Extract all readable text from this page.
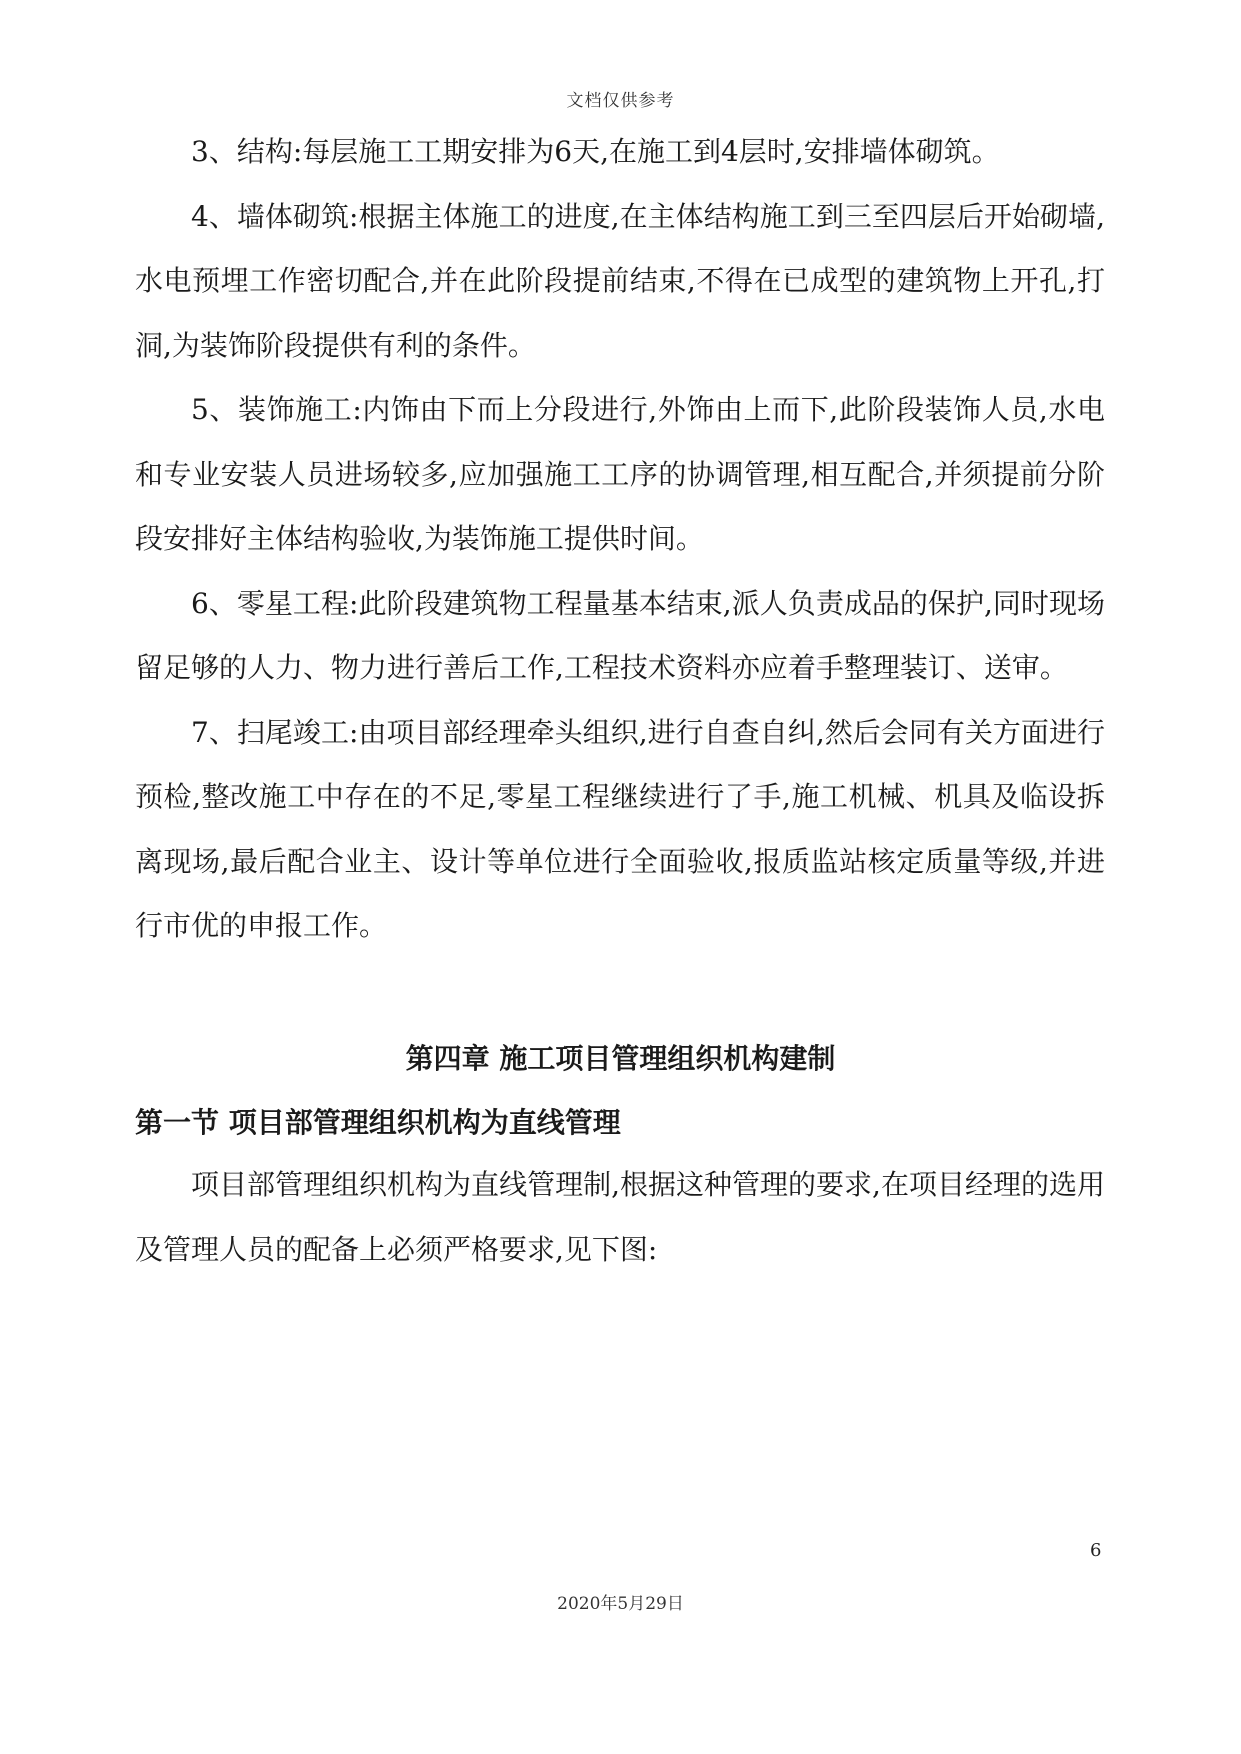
文档仅供参考

3、结构:每层施工工期安排为6天,在施工到4层时,安排墙体砌筑。

4、墙体砌筑:根据主体施工的进度,在主体结构施工到三至四层后开始砌墙,水电预埋工作密切配合,并在此阶段提前结束,不得在已成型的建筑物上开孔,打洞,为装饰阶段提供有利的条件。

5、装饰施工:内饰由下而上分段进行,外饰由上而下,此阶段装饰人员,水电和专业安装人员进场较多,应加强施工工序的协调管理,相互配合,并须提前分阶段安排好主体结构验收,为装饰施工提供时间。

6、零星工程:此阶段建筑物工程量基本结束,派人负责成品的保护,同时现场留足够的人力、物力进行善后工作,工程技术资料亦应着手整理装订、送审。

7、扫尾竣工:由项目部经理牵头组织,进行自查自纠,然后会同有关方面进行预检,整改施工中存在的不足,零星工程继续进行了手,施工机械、机具及临设拆离现场,最后配合业主、设计等单位进行全面验收,报质监站核定质量等级,并进行市优的申报工作。

第四章 施工项目管理组织机构建制
第一节 项目部管理组织机构为直线管理

项目部管理组织机构为直线管理制,根据这种管理的要求,在项目经理的选用及管理人员的配备上必须严格要求,见下图:

6
2020年5月29日
